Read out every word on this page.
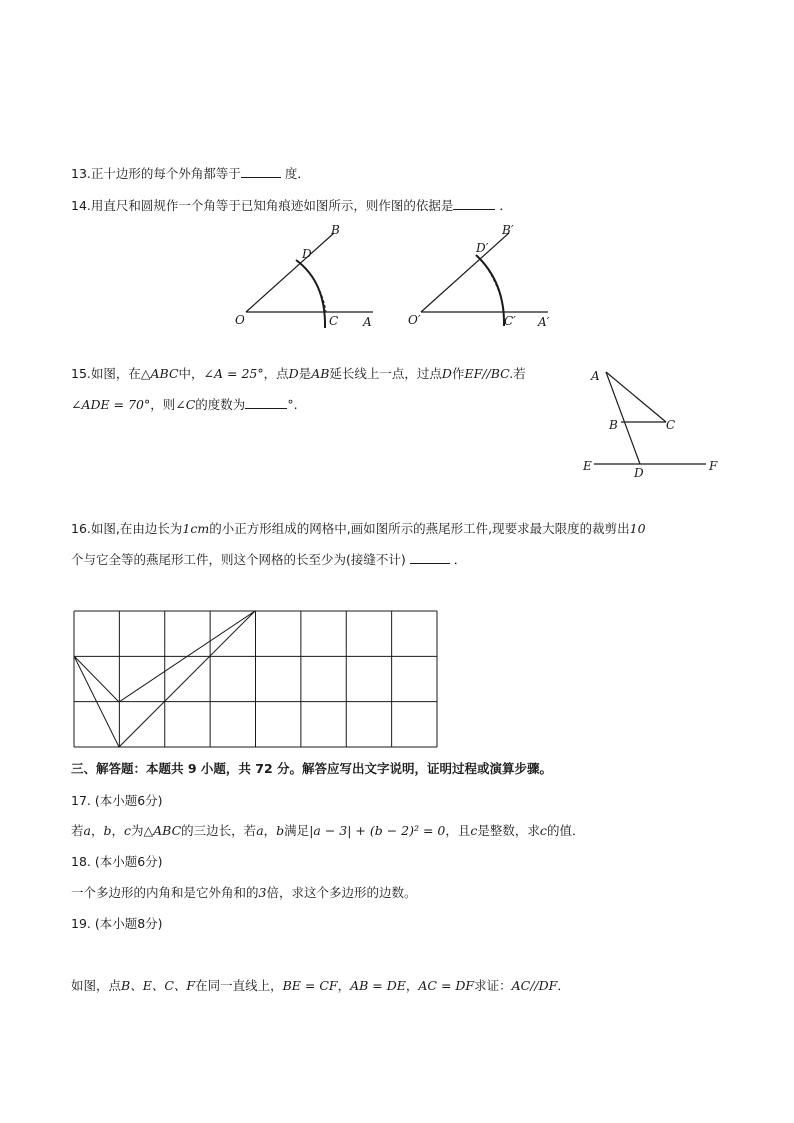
13.正十边形的每个外角都等于	度．
14.用直尺和圆规作一个角等于已知角痕迹如图所示，则作图的依据是	．
O	C A
D
B
O′	C′ A′
D′
B′
15.如图，在△ABC中，∠A = 25°，点D是AB延长线上一点，过点D作EF//BC.若
∠ADE = 70°，则∠C的度数为	°.
A
B	C
D
E	F
16.如图,在由边长为1cm的小正方形组成的网格中,画如图所示的燕尾形工件,现要求最大限度的裁剪出10
个与它全等的燕尾形工件，则这个网格的长至少为(接缝不计)	．
三、解答题：本题共 9 小题，共 72 分。解答应写出文字说明，证明过程或演算步骤。
17. (本小题6分)
若a，b，c为△ABC的三边长，若a，b满足|a − 3| + (b − 2)² = 0，且c是整数，求c的值．
18. (本小题6分)
一个多边形的内角和是它外角和的3倍，求这个多边形的边数。
19. (本小题8分)
如图，点B、E、C、F在同一直线上，BE = CF，AB = DE，AC = DF求证：AC//DF．
